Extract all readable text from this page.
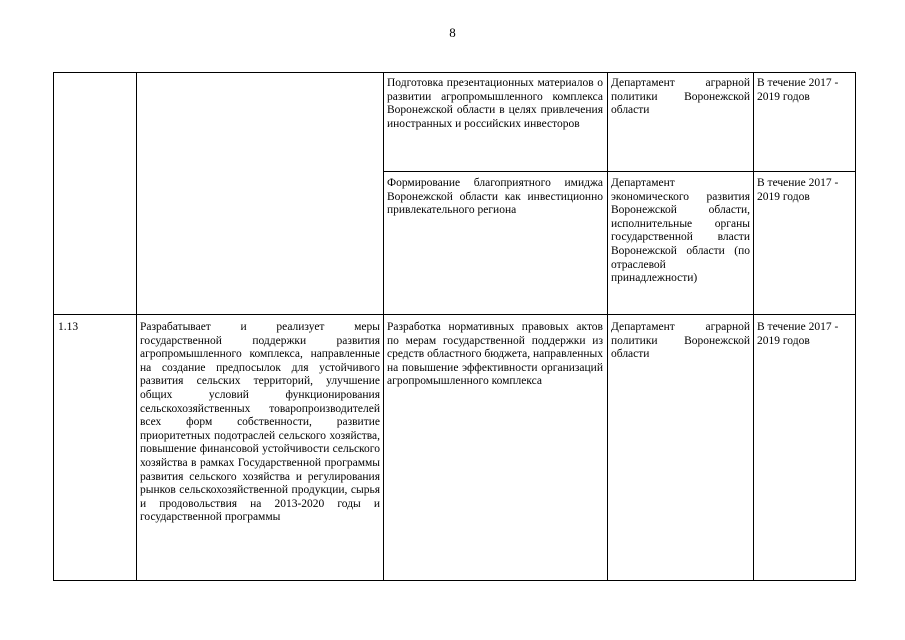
8
Подготовка презентационных материалов о развитии агропромышленного комплекса Воронежской области в целях привлечения иностранных и российских инвесторов
Департамент аграрной политики Воронежской области
В течение 2017 - 2019 годов
Формирование благоприятного имиджа Воронежской области как инвестиционно привлекательного региона
Департамент экономического развития Воронежской области, исполнительные органы государственной власти Воронежской области (по отраслевой принадлежности)
В течение 2017 - 2019 годов
1.13	Разрабатывает и реализует меры государственной поддержки развития агропромышленного комплекса, направленные на создание предпосылок для устойчивого развития сельских территорий, улучшение общих условий функционирования сельскохозяйственных товаропроизводителей всех форм собственности, развитие приоритетных подотраслей сельского хозяйства, повышение финансовой устойчивости сельского хозяйства в рамках Государственной программы развития сельского хозяйства и регулирования рынков сельскохозяйственной продукции, сырья и продовольствия на 2013-2020 годы и государственной программы
Разработка нормативных правовых актов по мерам государственной поддержки из средств областного бюджета, направленных на повышение эффективности организаций агропромышленного комплекса
Департамент аграрной политики Воронежской области
В течение 2017 - 2019 годов
